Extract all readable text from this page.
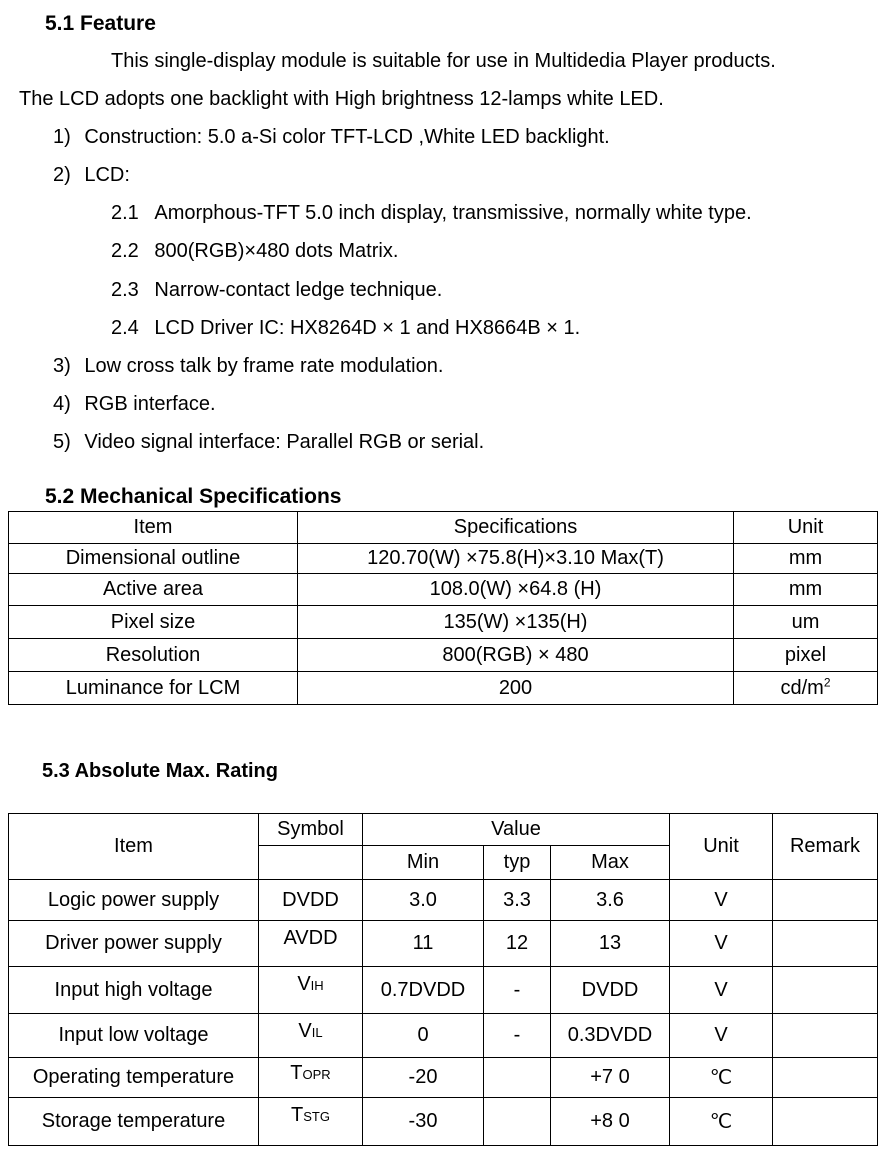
5.1 Feature
This single-display module is suitable for use in Multidedia Player products.
The LCD adopts one backlight with High brightness 12-lamps white LED.
1) Construction: 5.0 a-Si color TFT-LCD ,White LED backlight.
2) LCD:
2.1 Amorphous-TFT 5.0 inch display, transmissive, normally white type.
2.2 800(RGB)×480 dots Matrix.
2.3 Narrow-contact ledge technique.
2.4 LCD Driver IC: HX8264D × 1 and HX8664B × 1.
3) Low cross talk by frame rate modulation.
4) RGB interface.
5) Video signal interface: Parallel RGB or serial.
5.2 Mechanical Specifications
Item	Specifications	Unit
Dimensional outline	120.70(W) ×75.8(H)×3.10 Max(T)	mm
Active area	108.0(W) ×64.8 (H)	mm
Pixel size	135(W) ×135(H)	um
Resolution	800(RGB) × 480	pixel
Luminance for LCM	200	$cd/m^2$
5.3 Absolute Max. Rating
Item	Symbol	Value			Unit	Remark
		Min	typ	Max		
Logic power supply	DVDD	3.0	3.3	3.6	V	
Driver power supply	AVDD	11	12	13	V	
Input high voltage	VIH	0.7DVDD	-	DVDD	V	
Input low voltage	VIL	0	-	0.3DVDD	V	
Operating temperature	TOPR	-20		+7 0	℃	
Storage temperature	TSTG	-30		+8 0	℃	
